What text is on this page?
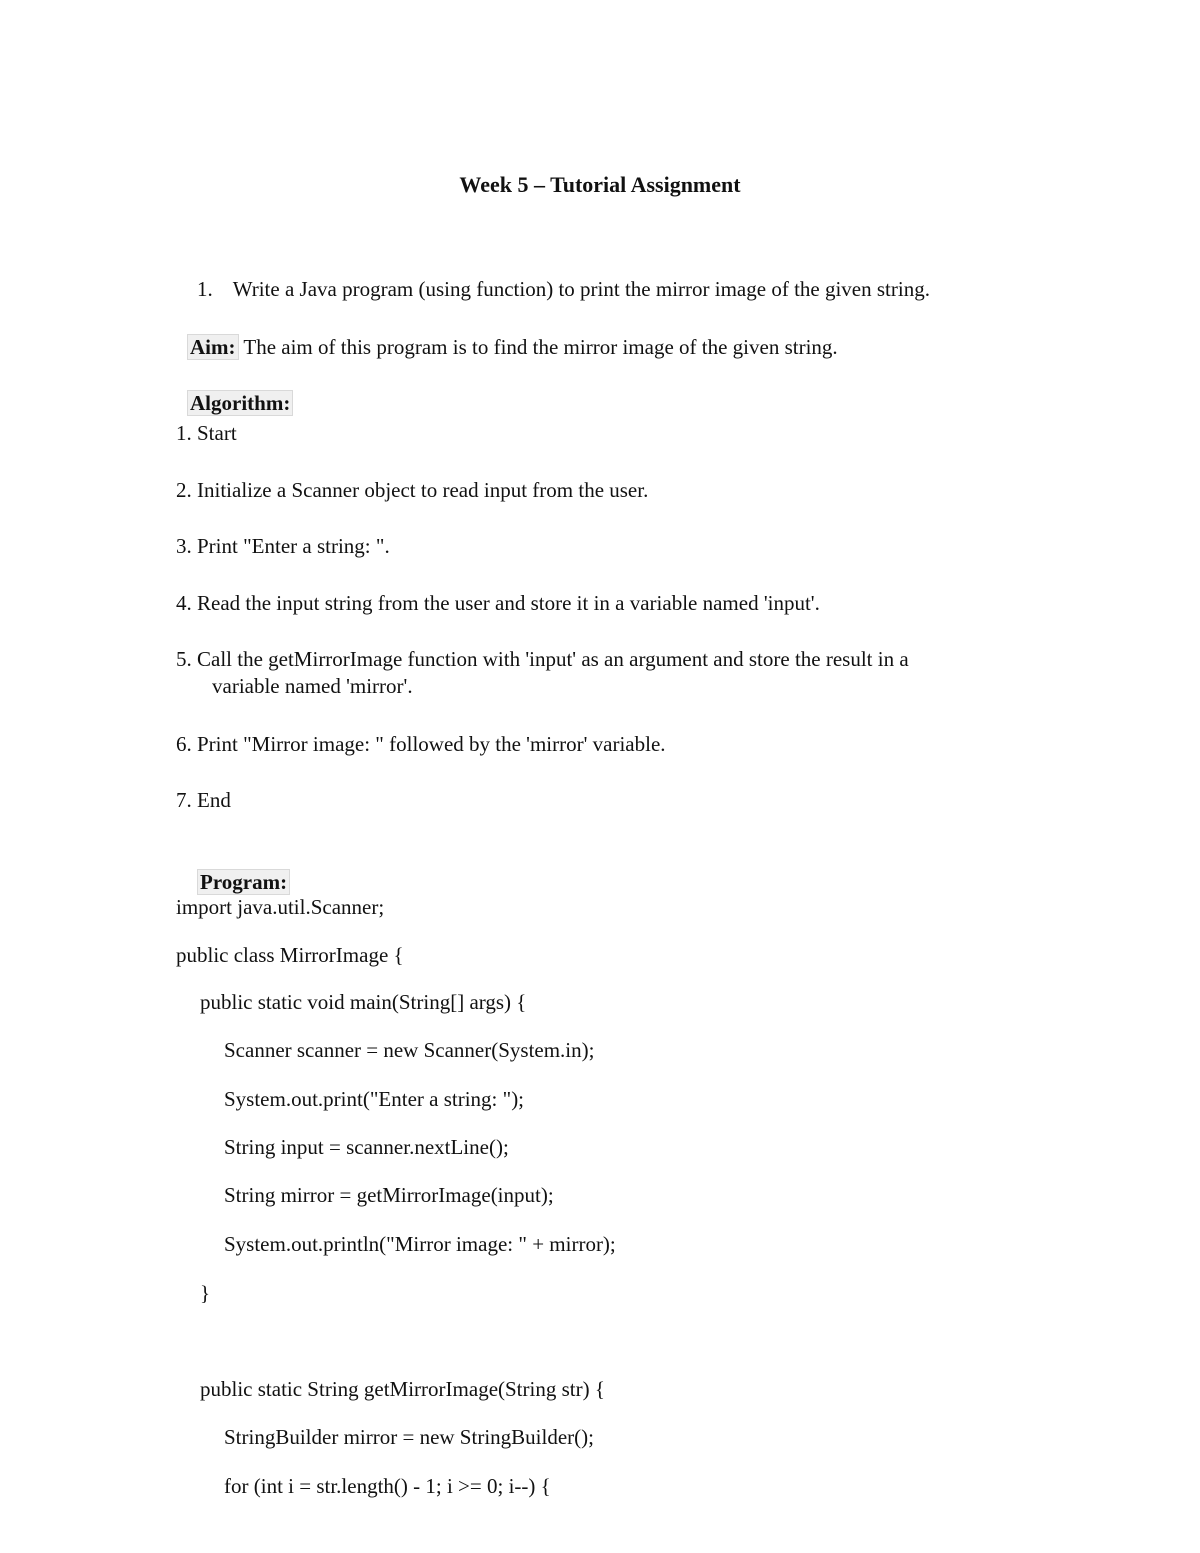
Week 5 – Tutorial Assignment

1. Write a Java program (using function) to print the mirror image of the given string.

Aim: The aim of this program is to find the mirror image of the given string.

Algorithm:

1. Start
2. Initialize a Scanner object to read input from the user.
3. Print "Enter a string: ".
4. Read the input string from the user and store it in a variable named 'input'.
5. Call the getMirrorImage function with 'input' as an argument and store the result in a
variable named 'mirror'.
6. Print "Mirror image: " followed by the 'mirror' variable.
7. End

Program:

import java.util.Scanner;
public class MirrorImage {
public static void main(String[] args) {
Scanner scanner = new Scanner(System.in);
System.out.print("Enter a string: ");
String input = scanner.nextLine();
String mirror = getMirrorImage(input);
System.out.println("Mirror image: " + mirror);
}
public static String getMirrorImage(String str) {
StringBuilder mirror = new StringBuilder();
for (int i = str.length() - 1; i >= 0; i--) {
